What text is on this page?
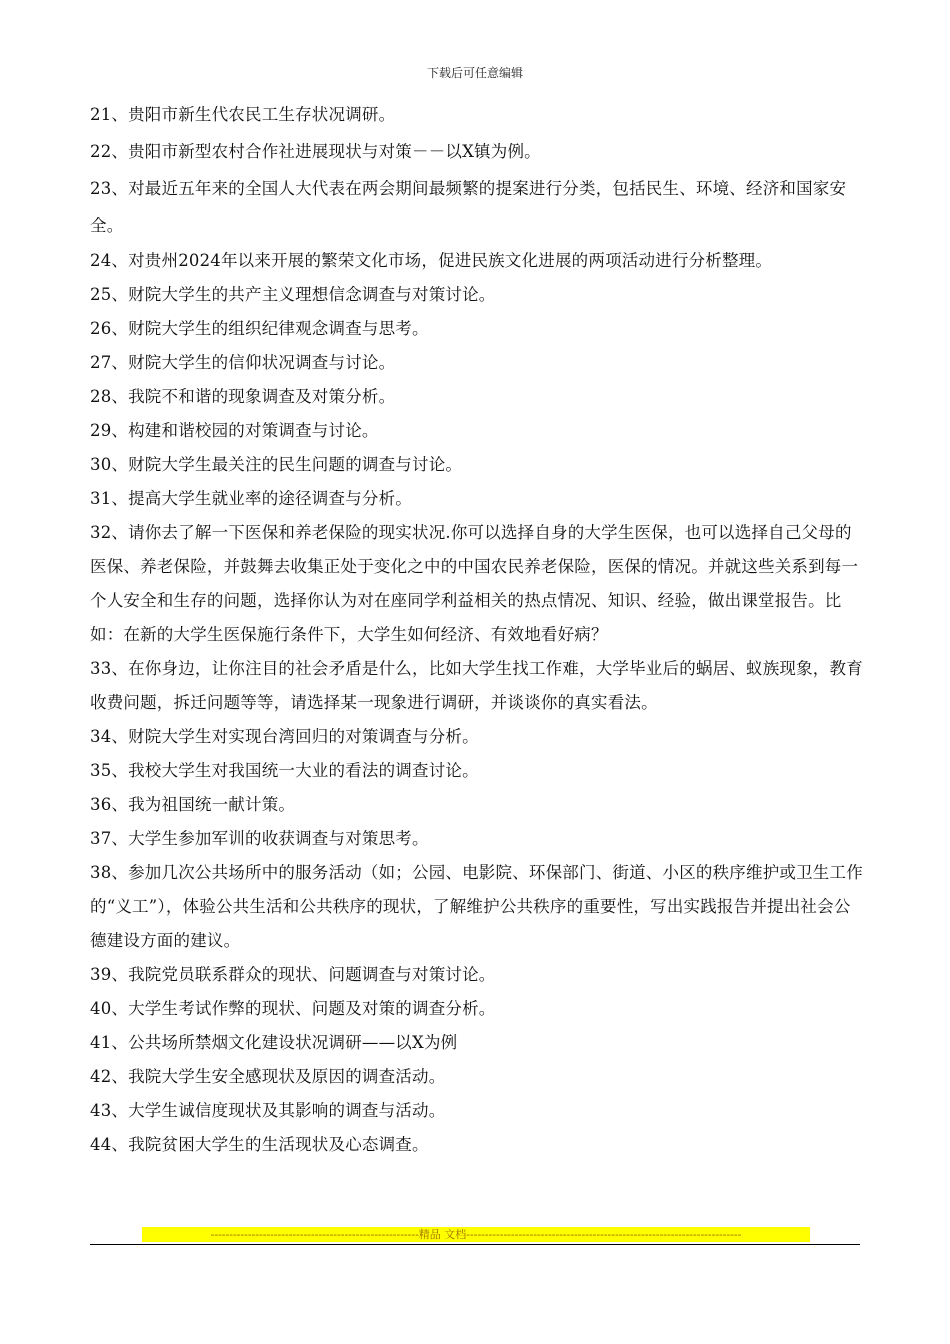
下载后可任意编辑

21、贵阳市新生代农民工生存状况调研。

22、贵阳市新型农村合作社进展现状与对策－－以X镇为例。

23、对最近五年来的全国人大代表在两会期间最频繁的提案进行分类，包括民生、环境、经济和国家安全。

24、对贵州2024年以来开展的繁荣文化市场，促进民族文化进展的两项活动进行分析整理。

25、财院大学生的共产主义理想信念调查与对策讨论。

26、财院大学生的组织纪律观念调查与思考。

27、财院大学生的信仰状况调查与讨论。

28、我院不和谐的现象调查及对策分析。

29、构建和谐校园的对策调查与讨论。

30、财院大学生最关注的民生问题的调查与讨论。

31、提高大学生就业率的途径调查与分析。

32、请你去了解一下医保和养老保险的现实状况.你可以选择自身的大学生医保，也可以选择自己父母的医保、养老保险，并鼓舞去收集正处于变化之中的中国农民养老保险，医保的情况。并就这些关系到每一个人安全和生存的问题，选择你认为对在座同学利益相关的热点情况、知识、经验，做出课堂报告。比如：在新的大学生医保施行条件下，大学生如何经济、有效地看好病？

33、在你身边，让你注目的社会矛盾是什么，比如大学生找工作难，大学毕业后的蜗居、蚁族现象，教育收费问题，拆迁问题等等，请选择某一现象进行调研，并谈谈你的真实看法。

34、财院大学生对实现台湾回归的对策调查与分析。

35、我校大学生对我国统一大业的看法的调查讨论。

36、我为祖国统一献计策。

37、大学生参加军训的收获调查与对策思考。

38、参加几次公共场所中的服务活动（如；公园、电影院、环保部门、街道、小区的秩序维护或卫生工作的“义工”），体验公共生活和公共秩序的现状，了解维护公共秩序的重要性，写出实践报告并提出社会公德建设方面的建议。

39、我院党员联系群众的现状、问题调查与对策讨论。

40、大学生考试作弊的现状、问题及对策的调查分析。

41、公共场所禁烟文化建设状况调研——以X为例

42、我院大学生安全感现状及原因的调查活动。

43、大学生诚信度现状及其影响的调查与活动。

44、我院贫困大学生的生活现状及心态调查。

--------------------------------------------------------精品 文档--------------------------------------------------------------------------
